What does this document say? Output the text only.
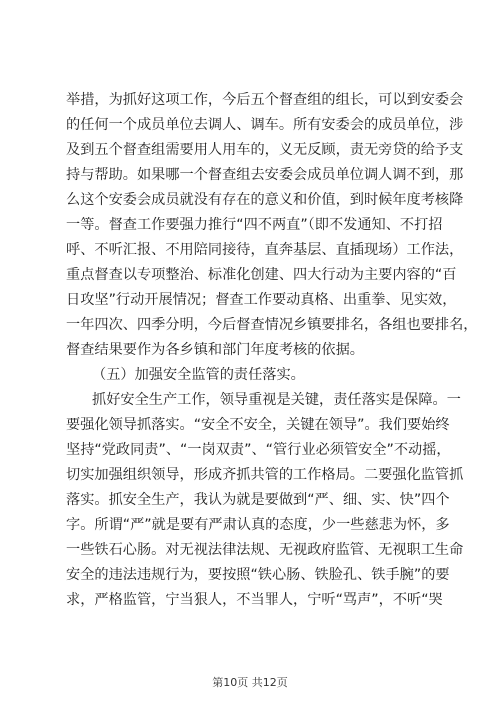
举措，为抓好这项工作，今后五个督查组的组长，可以到安委会
的任何一个成员单位去调人、调车。所有安委会的成员单位，涉
及到五个督查组需要用人用车的，义无反顾，责无旁贷的给予支
持与帮助。如果哪一个督查组去安委会成员单位调人调不到，那
么这个安委会成员就没有存在的意义和价值，到时候年度考核降
一等。督查工作要强力推行“四不两直”（即不发通知、不打招
呼、不听汇报、不用陪同接待，直奔基层、直插现场）工作法，
重点督查以专项整治、标准化创建、四大行动为主要内容的“百
日攻坚”行动开展情况；督查工作要动真格、出重拳、见实效，
一年四次、四季分明，今后督查情况乡镇要排名，各组也要排名，
督查结果要作为各乡镇和部门年度考核的依据。
（五）加强安全监管的责任落实。
抓好安全生产工作，领导重视是关键，责任落实是保障。一
要强化领导抓落实。“安全不安全，关键在领导”。我们要始终
坚持“党政同责”、“一岗双责”、“管行业必须管安全”不动摇，
切实加强组织领导，形成齐抓共管的工作格局。二要强化监管抓
落实。抓安全生产，我认为就是要做到“严、细、实、快”四个
字。所谓“严”就是要有严肃认真的态度，少一些慈悲为怀，多
一些铁石心肠。对无视法律法规、无视政府监管、无视职工生命
安全的违法违规行为，要按照“铁心肠、铁脸孔、铁手腕”的要
求，严格监管，宁当狠人，不当罪人，宁听“骂声”，不听“哭
第10页 共12页
